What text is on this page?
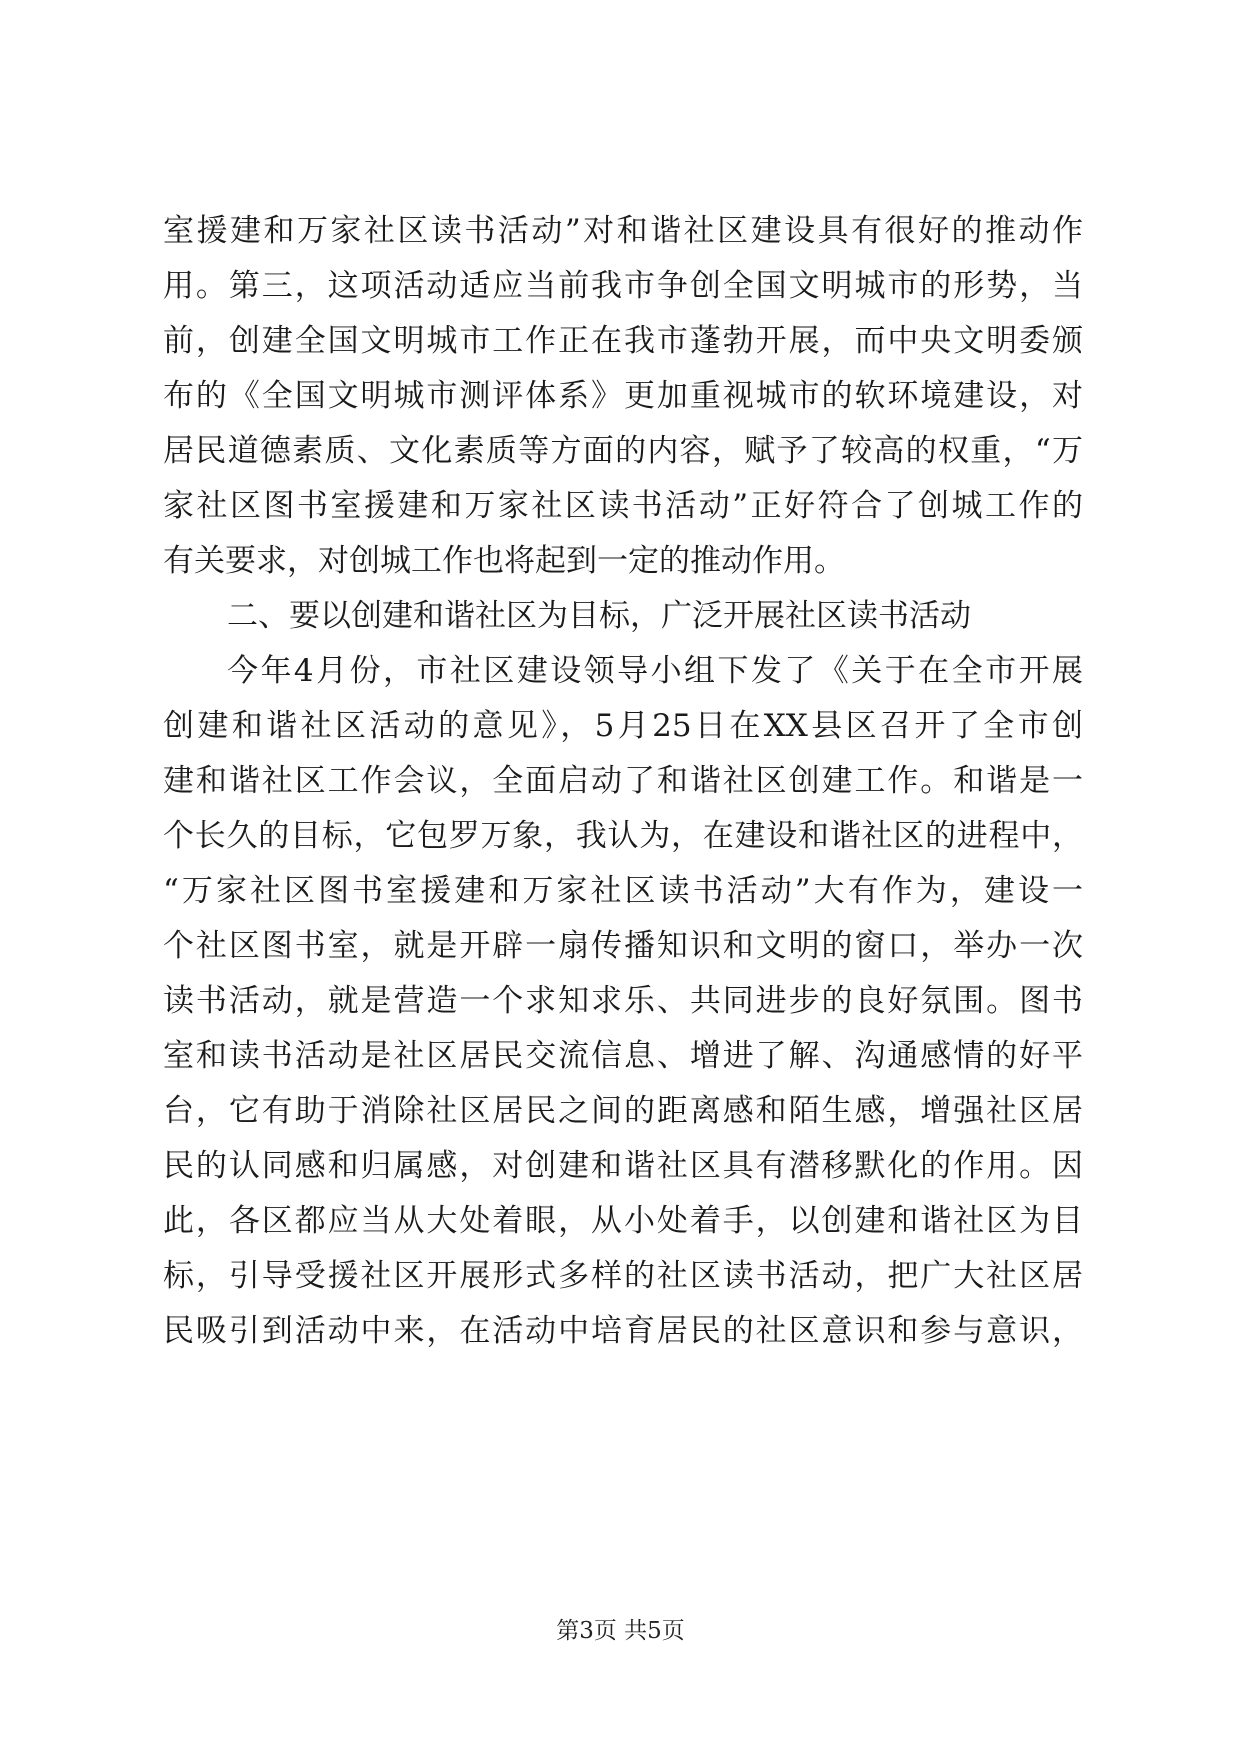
室援建和万家社区读书活动”对和谐社区建设具有很好的推动作
用。第三，这项活动适应当前我市争创全国文明城市的形势，当
前，创建全国文明城市工作正在我市蓬勃开展，而中央文明委颁
布的《全国文明城市测评体系》更加重视城市的软环境建设，对
居民道德素质、文化素质等方面的内容，赋予了较高的权重，“万
家社区图书室援建和万家社区读书活动”正好符合了创城工作的
有关要求，对创城工作也将起到一定的推动作用。
二、要以创建和谐社区为目标，广泛开展社区读书活动
今年4月份，市社区建设领导小组下发了《关于在全市开展
创建和谐社区活动的意见》，5月25日在XX县区召开了全市创
建和谐社区工作会议，全面启动了和谐社区创建工作。和谐是一
个长久的目标，它包罗万象，我认为，在建设和谐社区的进程中，
“万家社区图书室援建和万家社区读书活动”大有作为，建设一
个社区图书室，就是开辟一扇传播知识和文明的窗口，举办一次
读书活动，就是营造一个求知求乐、共同进步的良好氛围。图书
室和读书活动是社区居民交流信息、增进了解、沟通感情的好平
台，它有助于消除社区居民之间的距离感和陌生感，增强社区居
民的认同感和归属感，对创建和谐社区具有潜移默化的作用。因
此，各区都应当从大处着眼，从小处着手，以创建和谐社区为目
标，引导受援社区开展形式多样的社区读书活动，把广大社区居
民吸引到活动中来，在活动中培育居民的社区意识和参与意识，
第3页 共5页
